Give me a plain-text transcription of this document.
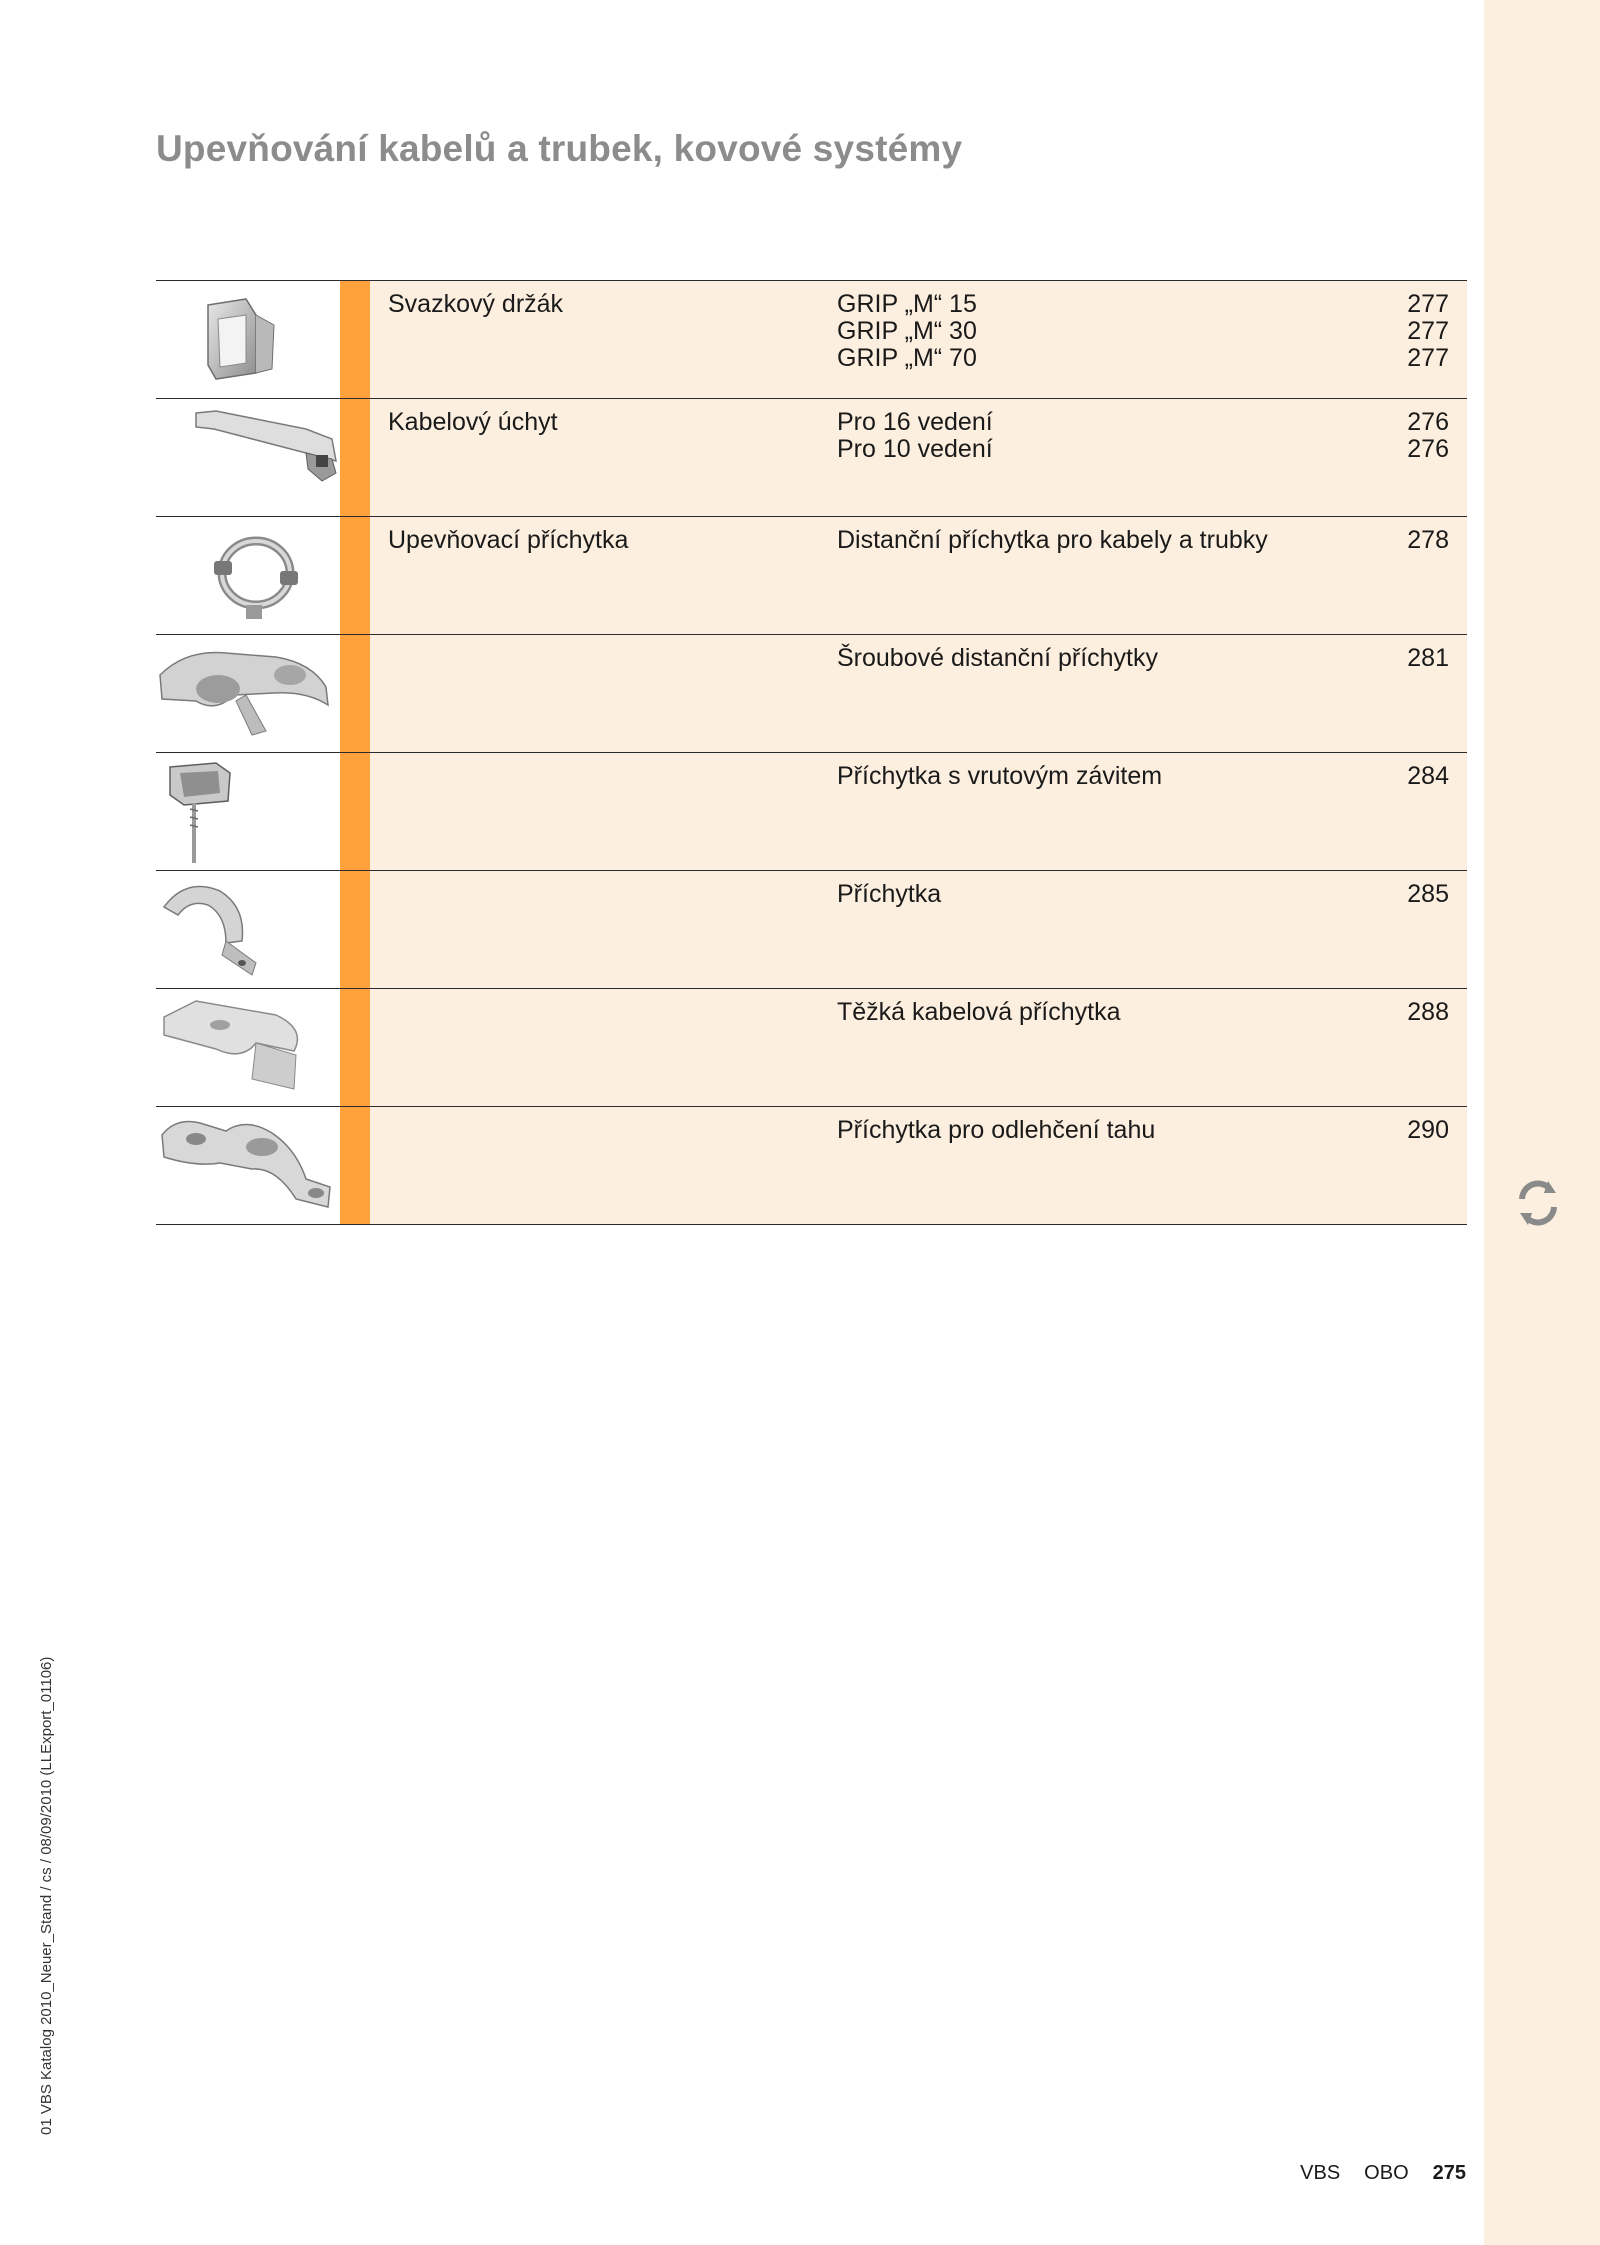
Upevňování kabelů a trubek, kovové systémy
Svazkový držák	GRIP „M“ 15	277
GRIP „M“ 30	277
GRIP „M“ 70	277
Kabelový úchyt	Pro 16 vedení	276
Pro 10 vedení	276
Upevňovací příchytka	Distanční příchytka pro kabely a trubky	278
Šroubové distanční příchytky	281
Příchytka s vrutovým závitem	284
Příchytka	285
Těžká kabelová příchytka	288
Příchytka pro odlehčení tahu	290
01 VBS Katalog 2010_Neuer_Stand / cs / 08/09/2010 (LLExport_01106)
VBS OBO 275
